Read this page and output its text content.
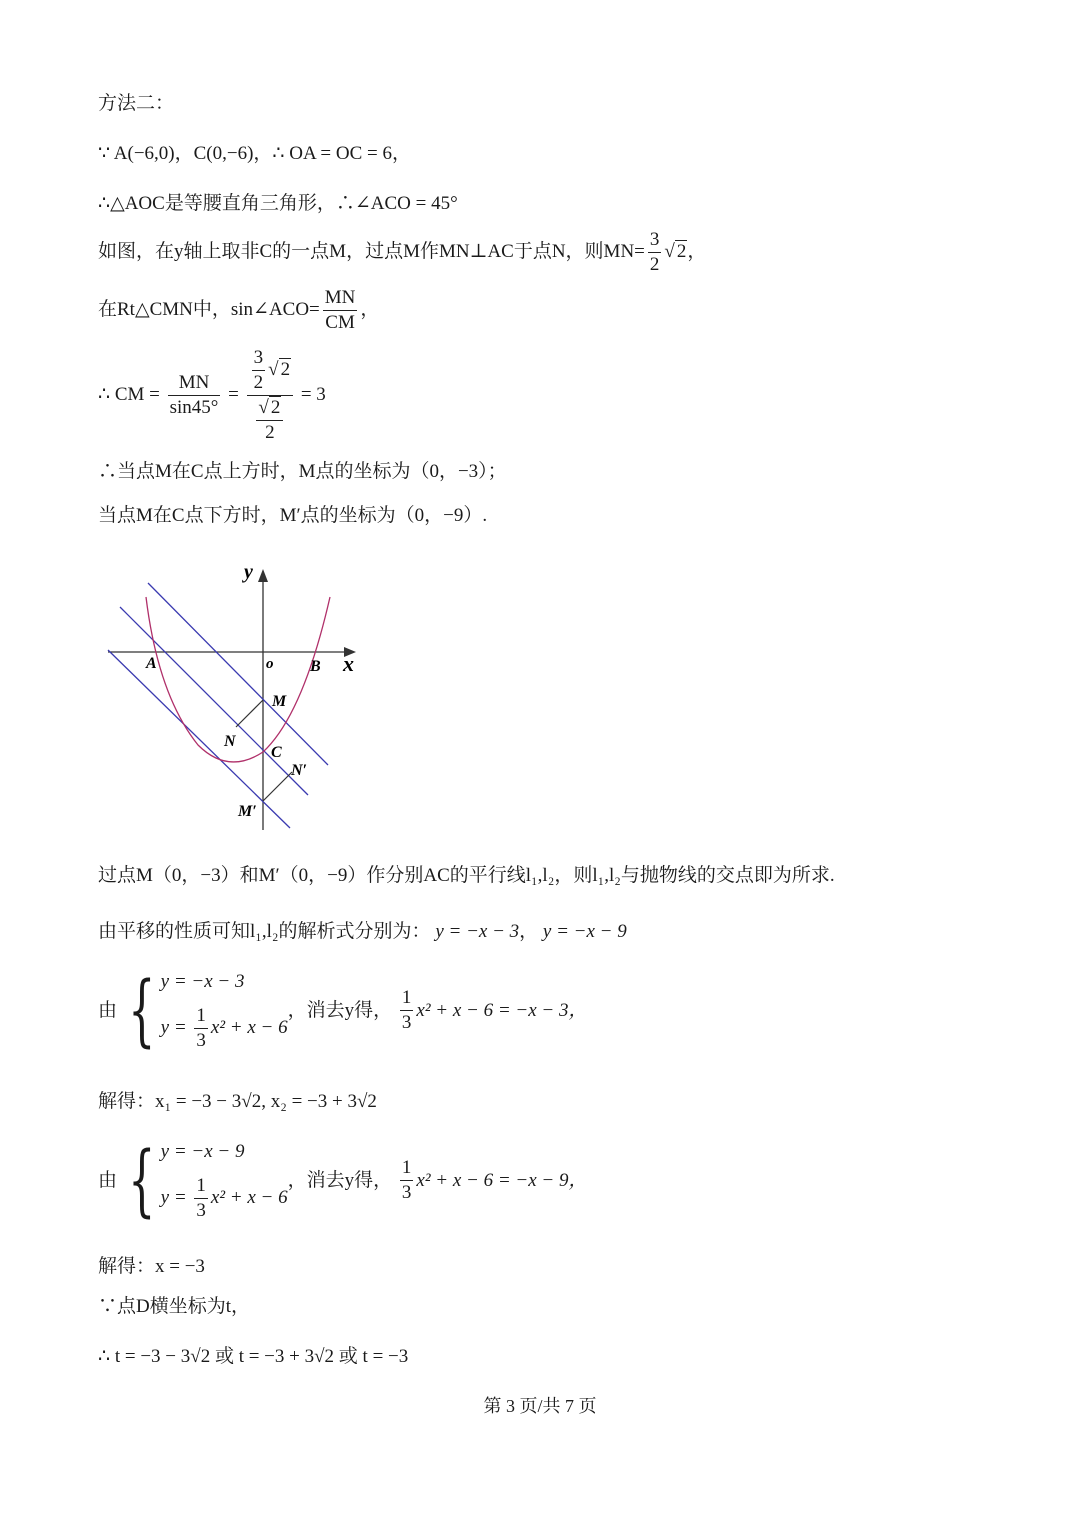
方法二：
∵ A(−6,0)，C(0,−6)，∴ OA = OC = 6，
∴△AOC是等腰直角三角形，∴∠ACO = 45°
如图，在y轴上取非C的一点M，过点M作MN⊥AC于点N，则$MN= \frac{3}{2}$ √ 2，
在Rt△CMN中，sin∠ACO= $\frac{MN}{CM}$ ，
∴ CM = $\frac{MN}{\sin 45^\circ} = \frac{\frac{3}{2} √ 2}{\frac{√ 2}{2}} = 3$
∴当点M在C点上方时，M点的坐标为（0，−3）；
当点M在C点下方时，M′点的坐标为（0，−9）.
y
x
o
A	B
M
N
C
N′
M′
过点M（0，−3）和M′（0，−9）作分别AC的平行线l₁,l₂，则l₁,l₂与抛物线的交点即为所求.
由平移的性质可知l₁,l₂的解析式分别为： y = −x − 3， y = −x − 9
由 { y = −x − 3
$y = \frac{1}{3} x^2 + x - 6$
，消去y得，
$\frac{1}{3} x^2 + x - 6 = -x - 3$，
解得：x₁ = −3 − 3√2, x₂ = −3 + 3√2
由 { y = −x − 9
$y = \frac{1}{3} x^2 + x - 6$
，消去y得，
$\frac{1}{3} x^2 + x - 6 = -x - 9$，
解得：x = −3
∵点D横坐标为t，
∴ t = −3 − 3√2 或 t = −3 + 3√2 或 t = −3
第 3 页/共 7 页
